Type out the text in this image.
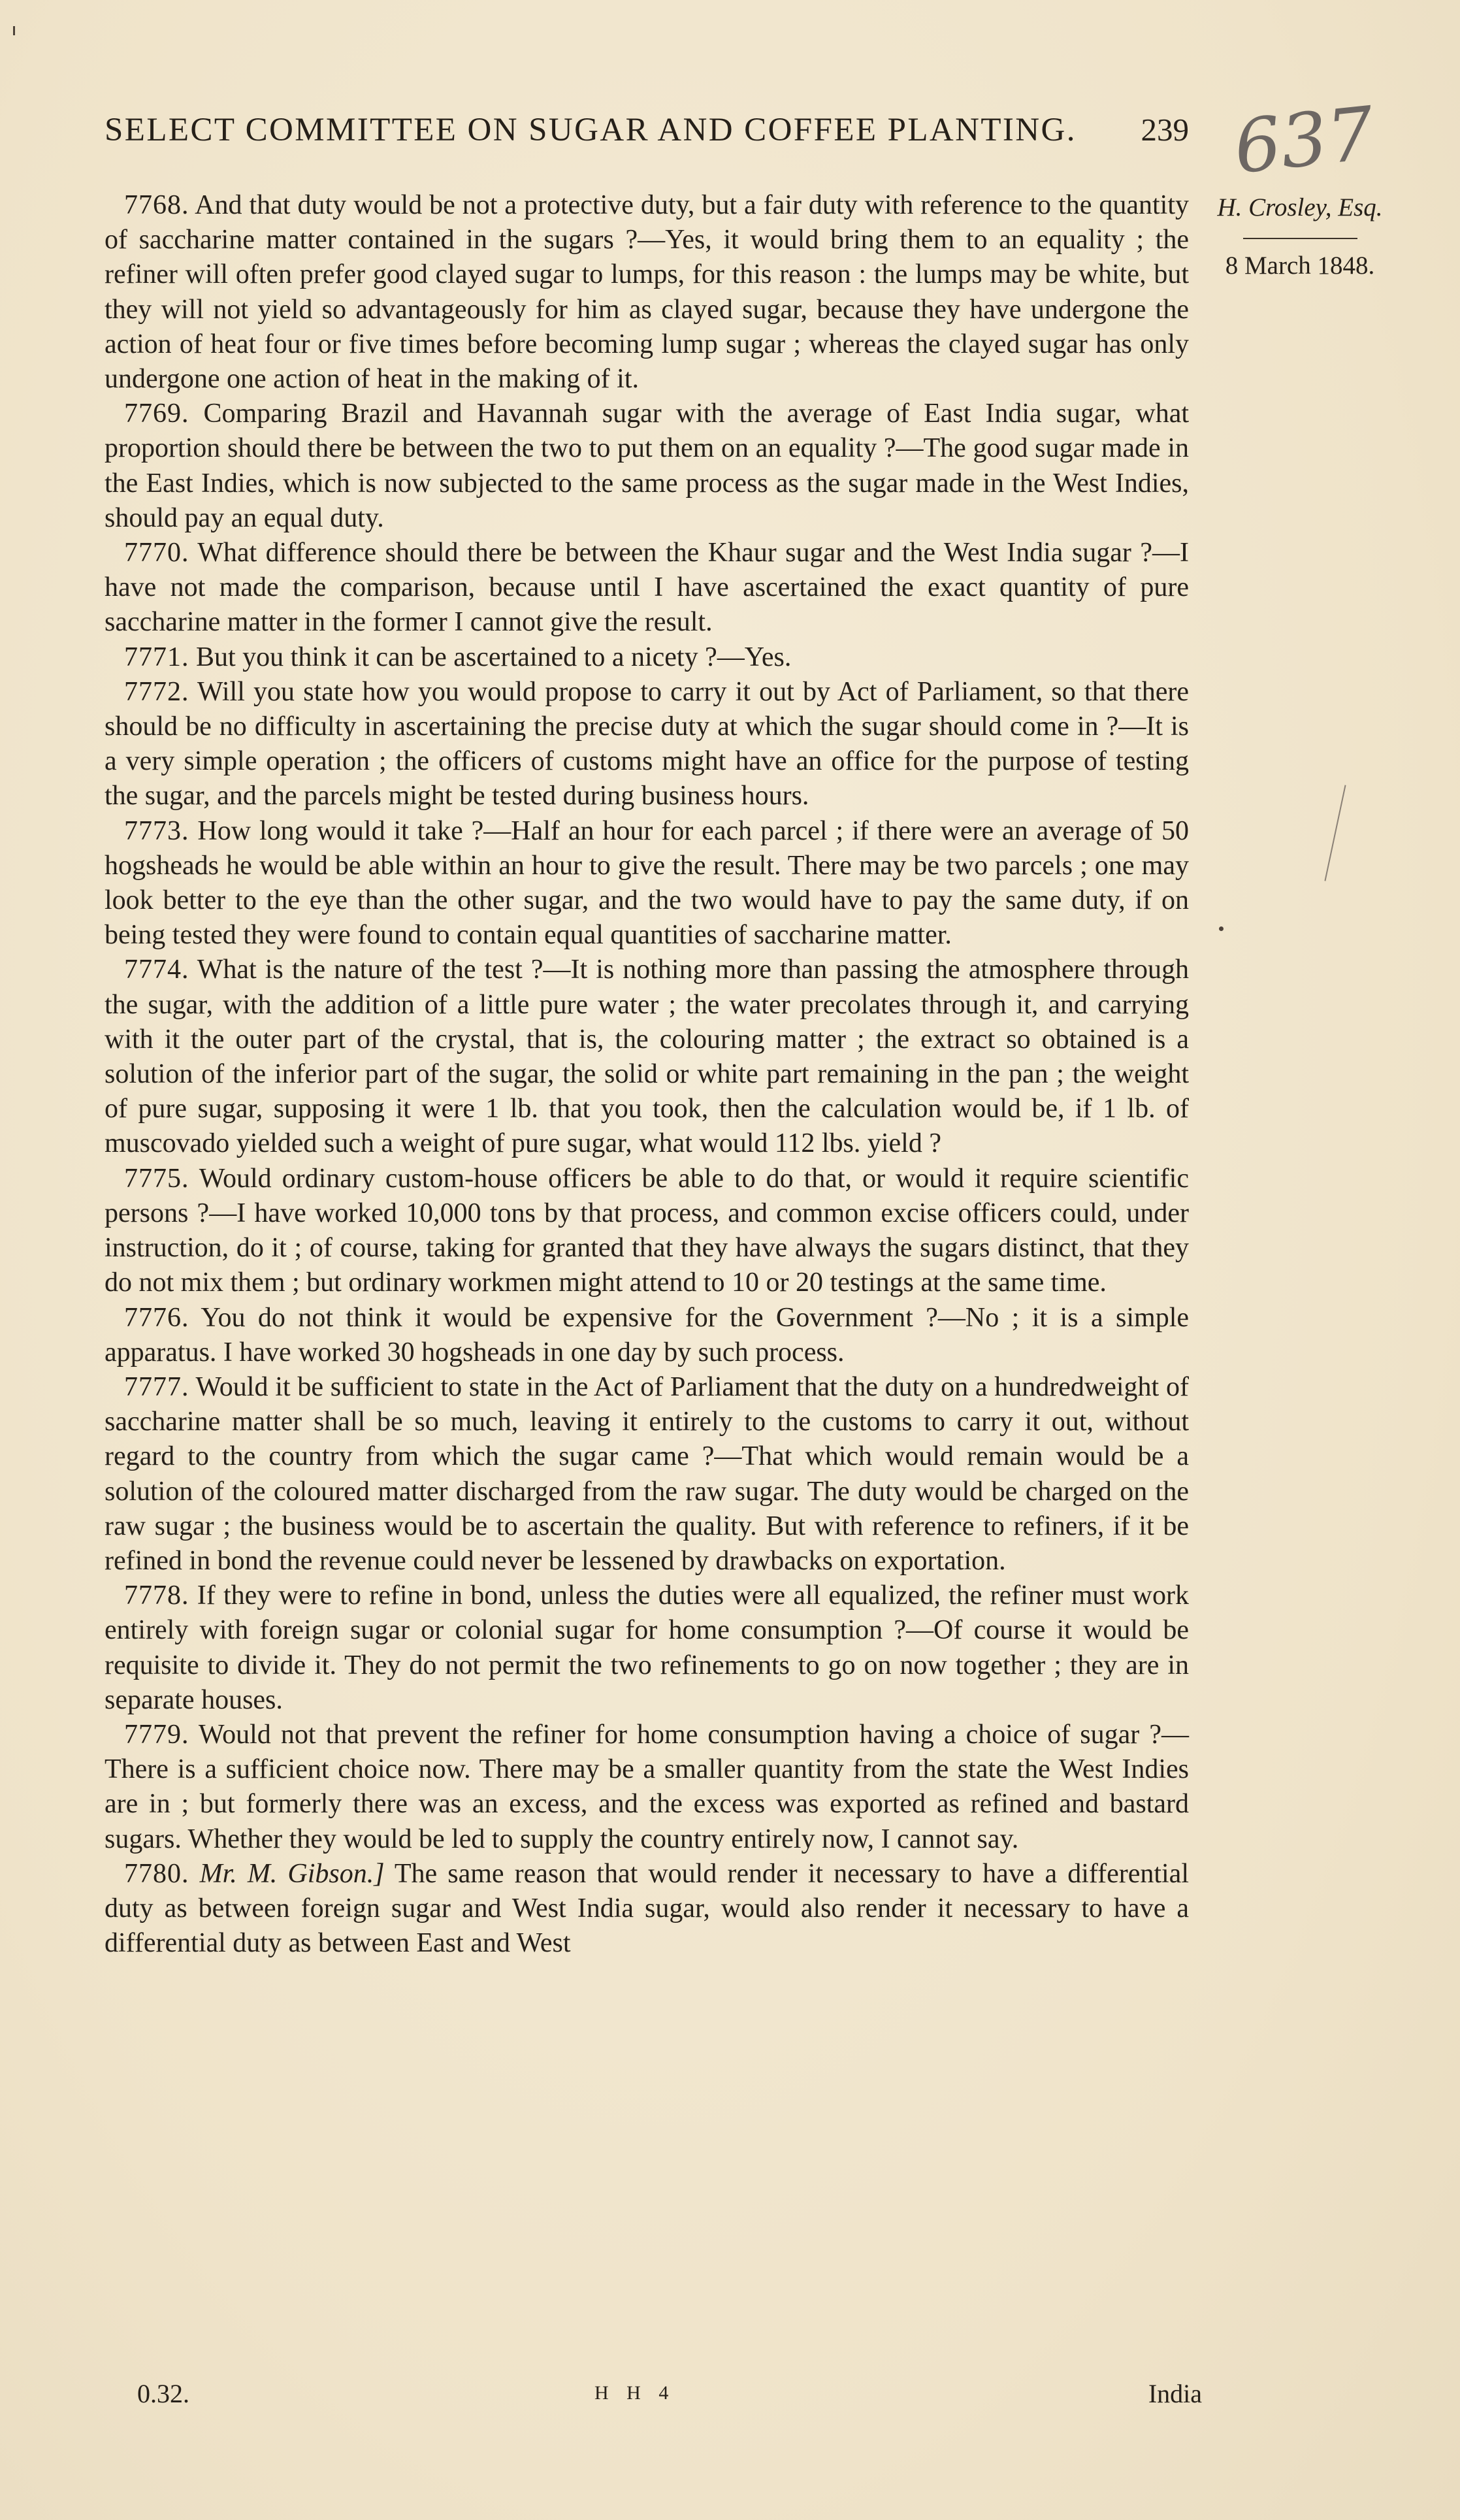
SELECT COMMITTEE ON SUGAR AND COFFEE PLANTING. 239 637
H. Crosley, Esq.
8 March 1848.

7768. And that duty would be not a protective duty, but a fair duty with reference to the quantity of saccharine matter contained in the sugars ?—Yes, it would bring them to an equality ; the refiner will often prefer good clayed sugar to lumps, for this reason : the lumps may be white, but they will not yield so advantageously for him as clayed sugar, because they have undergone the action of heat four or five times before becoming lump sugar ; whereas the clayed sugar has only undergone one action of heat in the making of it.

7769. Comparing Brazil and Havannah sugar with the average of East India sugar, what proportion should there be between the two to put them on an equality ?—The good sugar made in the East Indies, which is now subjected to the same process as the sugar made in the West Indies, should pay an equal duty.

7770. What difference should there be between the Khaur sugar and the West India sugar ?—I have not made the comparison, because until I have ascertained the exact quantity of pure saccharine matter in the former I cannot give the result.

7771. But you think it can be ascertained to a nicety ?—Yes.

7772. Will you state how you would propose to carry it out by Act of Parliament, so that there should be no difficulty in ascertaining the precise duty at which the sugar should come in ?—It is a very simple operation ; the officers of customs might have an office for the purpose of testing the sugar, and the parcels might be tested during business hours.

7773. How long would it take ?—Half an hour for each parcel ; if there were an average of 50 hogsheads he would be able within an hour to give the result. There may be two parcels ; one may look better to the eye than the other sugar, and the two would have to pay the same duty, if on being tested they were found to contain equal quantities of saccharine matter.

7774. What is the nature of the test ?—It is nothing more than passing the atmosphere through the sugar, with the addition of a little pure water ; the water precolates through it, and carrying with it the outer part of the crystal, that is, the colouring matter ; the extract so obtained is a solution of the inferior part of the sugar, the solid or white part remaining in the pan ; the weight of pure sugar, supposing it were 1 lb. that you took, then the calculation would be, if 1 lb. of muscovado yielded such a weight of pure sugar, what would 112 lbs. yield ?

7775. Would ordinary custom-house officers be able to do that, or would it require scientific persons ?—I have worked 10,000 tons by that process, and common excise officers could, under instruction, do it ; of course, taking for granted that they have always the sugars distinct, that they do not mix them ; but ordinary workmen might attend to 10 or 20 testings at the same time.

7776. You do not think it would be expensive for the Government ?—No ; it is a simple apparatus. I have worked 30 hogsheads in one day by such process.

7777. Would it be sufficient to state in the Act of Parliament that the duty on a hundredweight of saccharine matter shall be so much, leaving it entirely to the customs to carry it out, without regard to the country from which the sugar came ?—That which would remain would be a solution of the coloured matter discharged from the raw sugar. The duty would be charged on the raw sugar ; the business would be to ascertain the quality. But with reference to refiners, if it be refined in bond the revenue could never be lessened by drawbacks on exportation.

7778. If they were to refine in bond, unless the duties were all equalized, the refiner must work entirely with foreign sugar or colonial sugar for home consumption ?—Of course it would be requisite to divide it. They do not permit the two refinements to go on now together ; they are in separate houses.

7779. Would not that prevent the refiner for home consumption having a choice of sugar ?—There is a sufficient choice now. There may be a smaller quantity from the state the West Indies are in ; but formerly there was an excess, and the excess was exported as refined and bastard sugars. Whether they would be led to supply the country entirely now, I cannot say.

7780. Mr. M. Gibson.] The same reason that would render it necessary to have a differential duty as between foreign sugar and West India sugar, would also render it necessary to have a differential duty as between East and West

0.32.	H H 4	India
